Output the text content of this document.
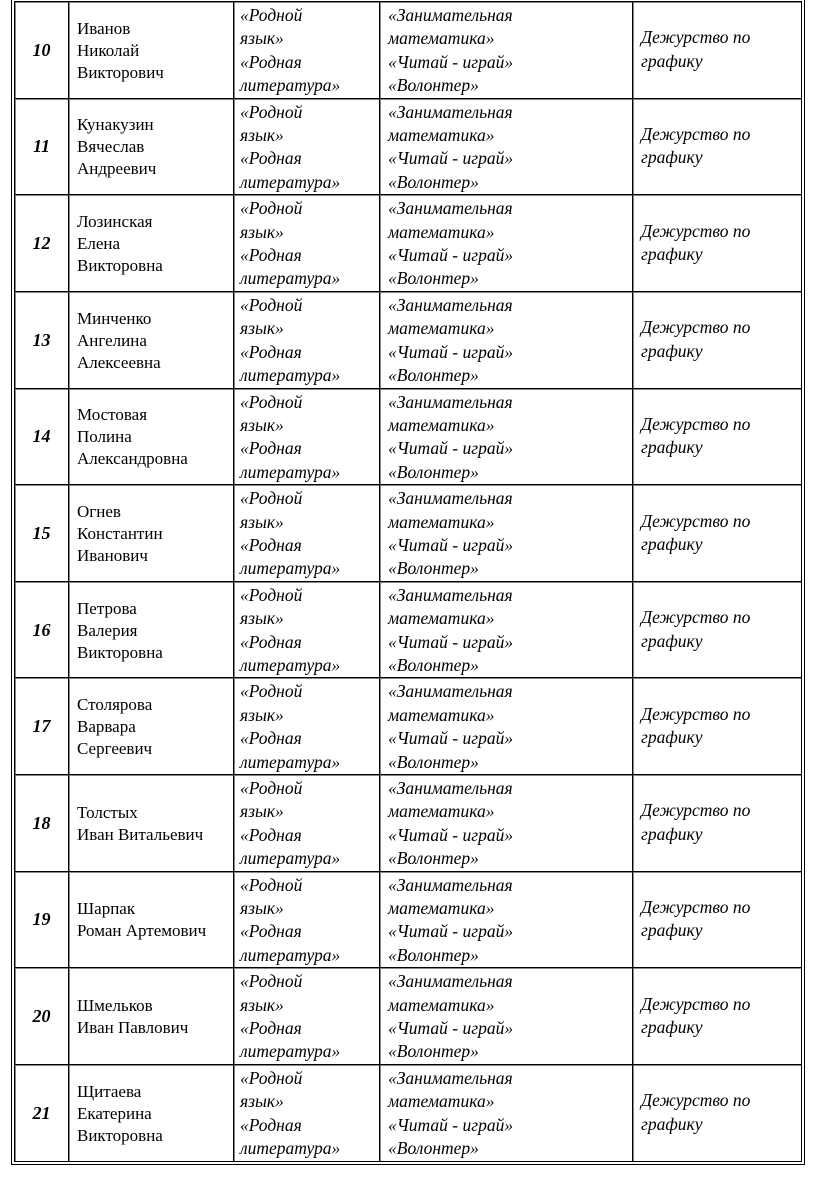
10	Иванов
Николай
Викторович	«Родной
язык»
«Родная
литература»	«Занимательная
математика»
«Читай - играй»
«Волонтер»	Дежурство по
графику

11	Кунакузин
Вячеслав
Андреевич	«Родной
язык»
«Родная
литература»	«Занимательная
математика»
«Читай - играй»
«Волонтер»	Дежурство по
графику

12	Лозинская
Елена
Викторовна	«Родной
язык»
«Родная
литература»	«Занимательная
математика»
«Читай - играй»
«Волонтер»	Дежурство по
графику

13	Минченко
Ангелина
Алексеевна	«Родной
язык»
«Родная
литература»	«Занимательная
математика»
«Читай - играй»
«Волонтер»	Дежурство по
графику

14	Мостовая
Полина
Александровна	«Родной
язык»
«Родная
литература»	«Занимательная
математика»
«Читай - играй»
«Волонтер»	Дежурство по
графику

15	Огнев
Константин
Иванович	«Родной
язык»
«Родная
литература»	«Занимательная
математика»
«Читай - играй»
«Волонтер»	Дежурство по
графику

16	Петрова
Валерия
Викторовна	«Родной
язык»
«Родная
литература»	«Занимательная
математика»
«Читай - играй»
«Волонтер»	Дежурство по
графику

17	Столярова
Варвара
Сергеевич	«Родной
язык»
«Родная
литература»	«Занимательная
математика»
«Читай - играй»
«Волонтер»	Дежурство по
графику

18	Толстых
Иван Витальевич	«Родной
язык»
«Родная
литературa»	«Занимательная
математика»
«Читай - играй»
«Волонтер»	Дежурство по
графику

19	Шарпак
Роман Артемович	«Родной
язык»
«Родная
литература»	«Занимательная
математика»
«Читай - играй»
«Волонтер»	Дежурство по
графику

20	Шмельков
Иван Павлович	«Родной
язык»
«Родная
литература»	«Занимательная
математика»
«Читай - играй»
«Волонтер»	Дежурство по
графику

21	Щитаева
Екатерина
Викторовна	«Родной
язык»
«Родная
литература»	«Занимательная
математика»
«Читай - играй»
«Волонтер»	Дежурство по
графику
